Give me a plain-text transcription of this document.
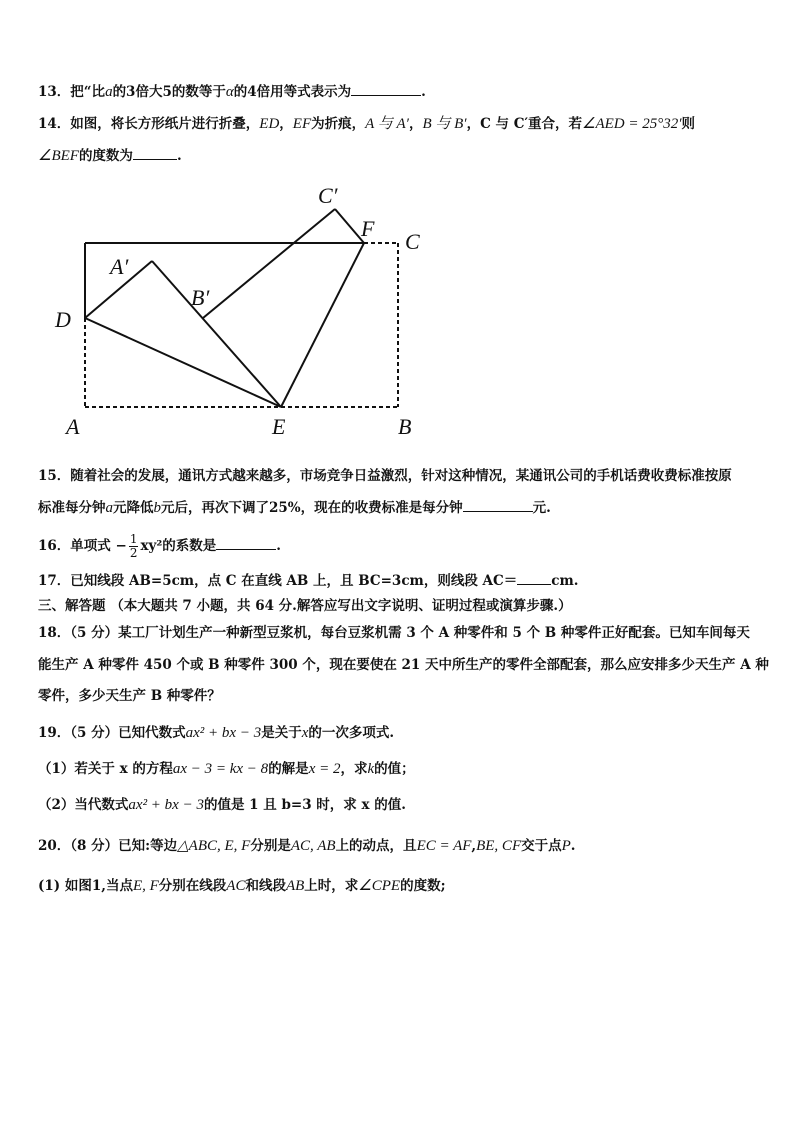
13．把“比a的3倍大5的数等于α的4倍用等式表示为	.
14．如图，将长方形纸片进行折叠，ED，EF为折痕，A 与 A′，B 与 B′，C 与 C′重合，若∠AED = 25°32′则
∠BEF的度数为	.
C′
F
C
A′
B′
D
A	E	B
15．随着社会的发展，通讯方式越来越多，市场竞争日益激烈，针对这种情况，某通讯公司的手机话费收费标准按原
标准每分钟a元降低b元后，再次下调了25%，现在的收费标准是每分钟	元.
16．单项式 − $\frac{1}{2} xy^2$的系数是	.
17．已知线段 AB=5cm，点 C 在直线 AB 上，且 BC=3cm，则线段 AC＝	cm.
三、解答题 （本大题共 7 小题，共 64 分.解答应写出文字说明、证明过程或演算步骤.）
18．（5 分）某工厂计划生产一种新型豆浆机，每台豆浆机需 3 个 A 种零件和 5 个 B 种零件正好配套。已知车间每天
能生产 A 种零件 450 个或 B 种零件 300 个，现在要使在 21 天中所生产的零件全部配套，那么应安排多少天生产 A 种
零件，多少天生产 B 种零件？
19．（5 分）已知代数式ax² + bx − 3是关于x的一次多项式.
（1）若关于 x 的方程ax − 3 = kx − 8的解是x = 2，求k的值；
（2）当代数式ax² + bx − 3的值是 1 且 b=3 时，求 x 的值.
20．（8 分）已知:等边△ABC, E, F分别是AC, AB上的动点，且EC = AF,BE, CF交于点P.
(1) 如图1,当点E, F分别在线段AC和线段AB上时，求∠CPE的度数;
